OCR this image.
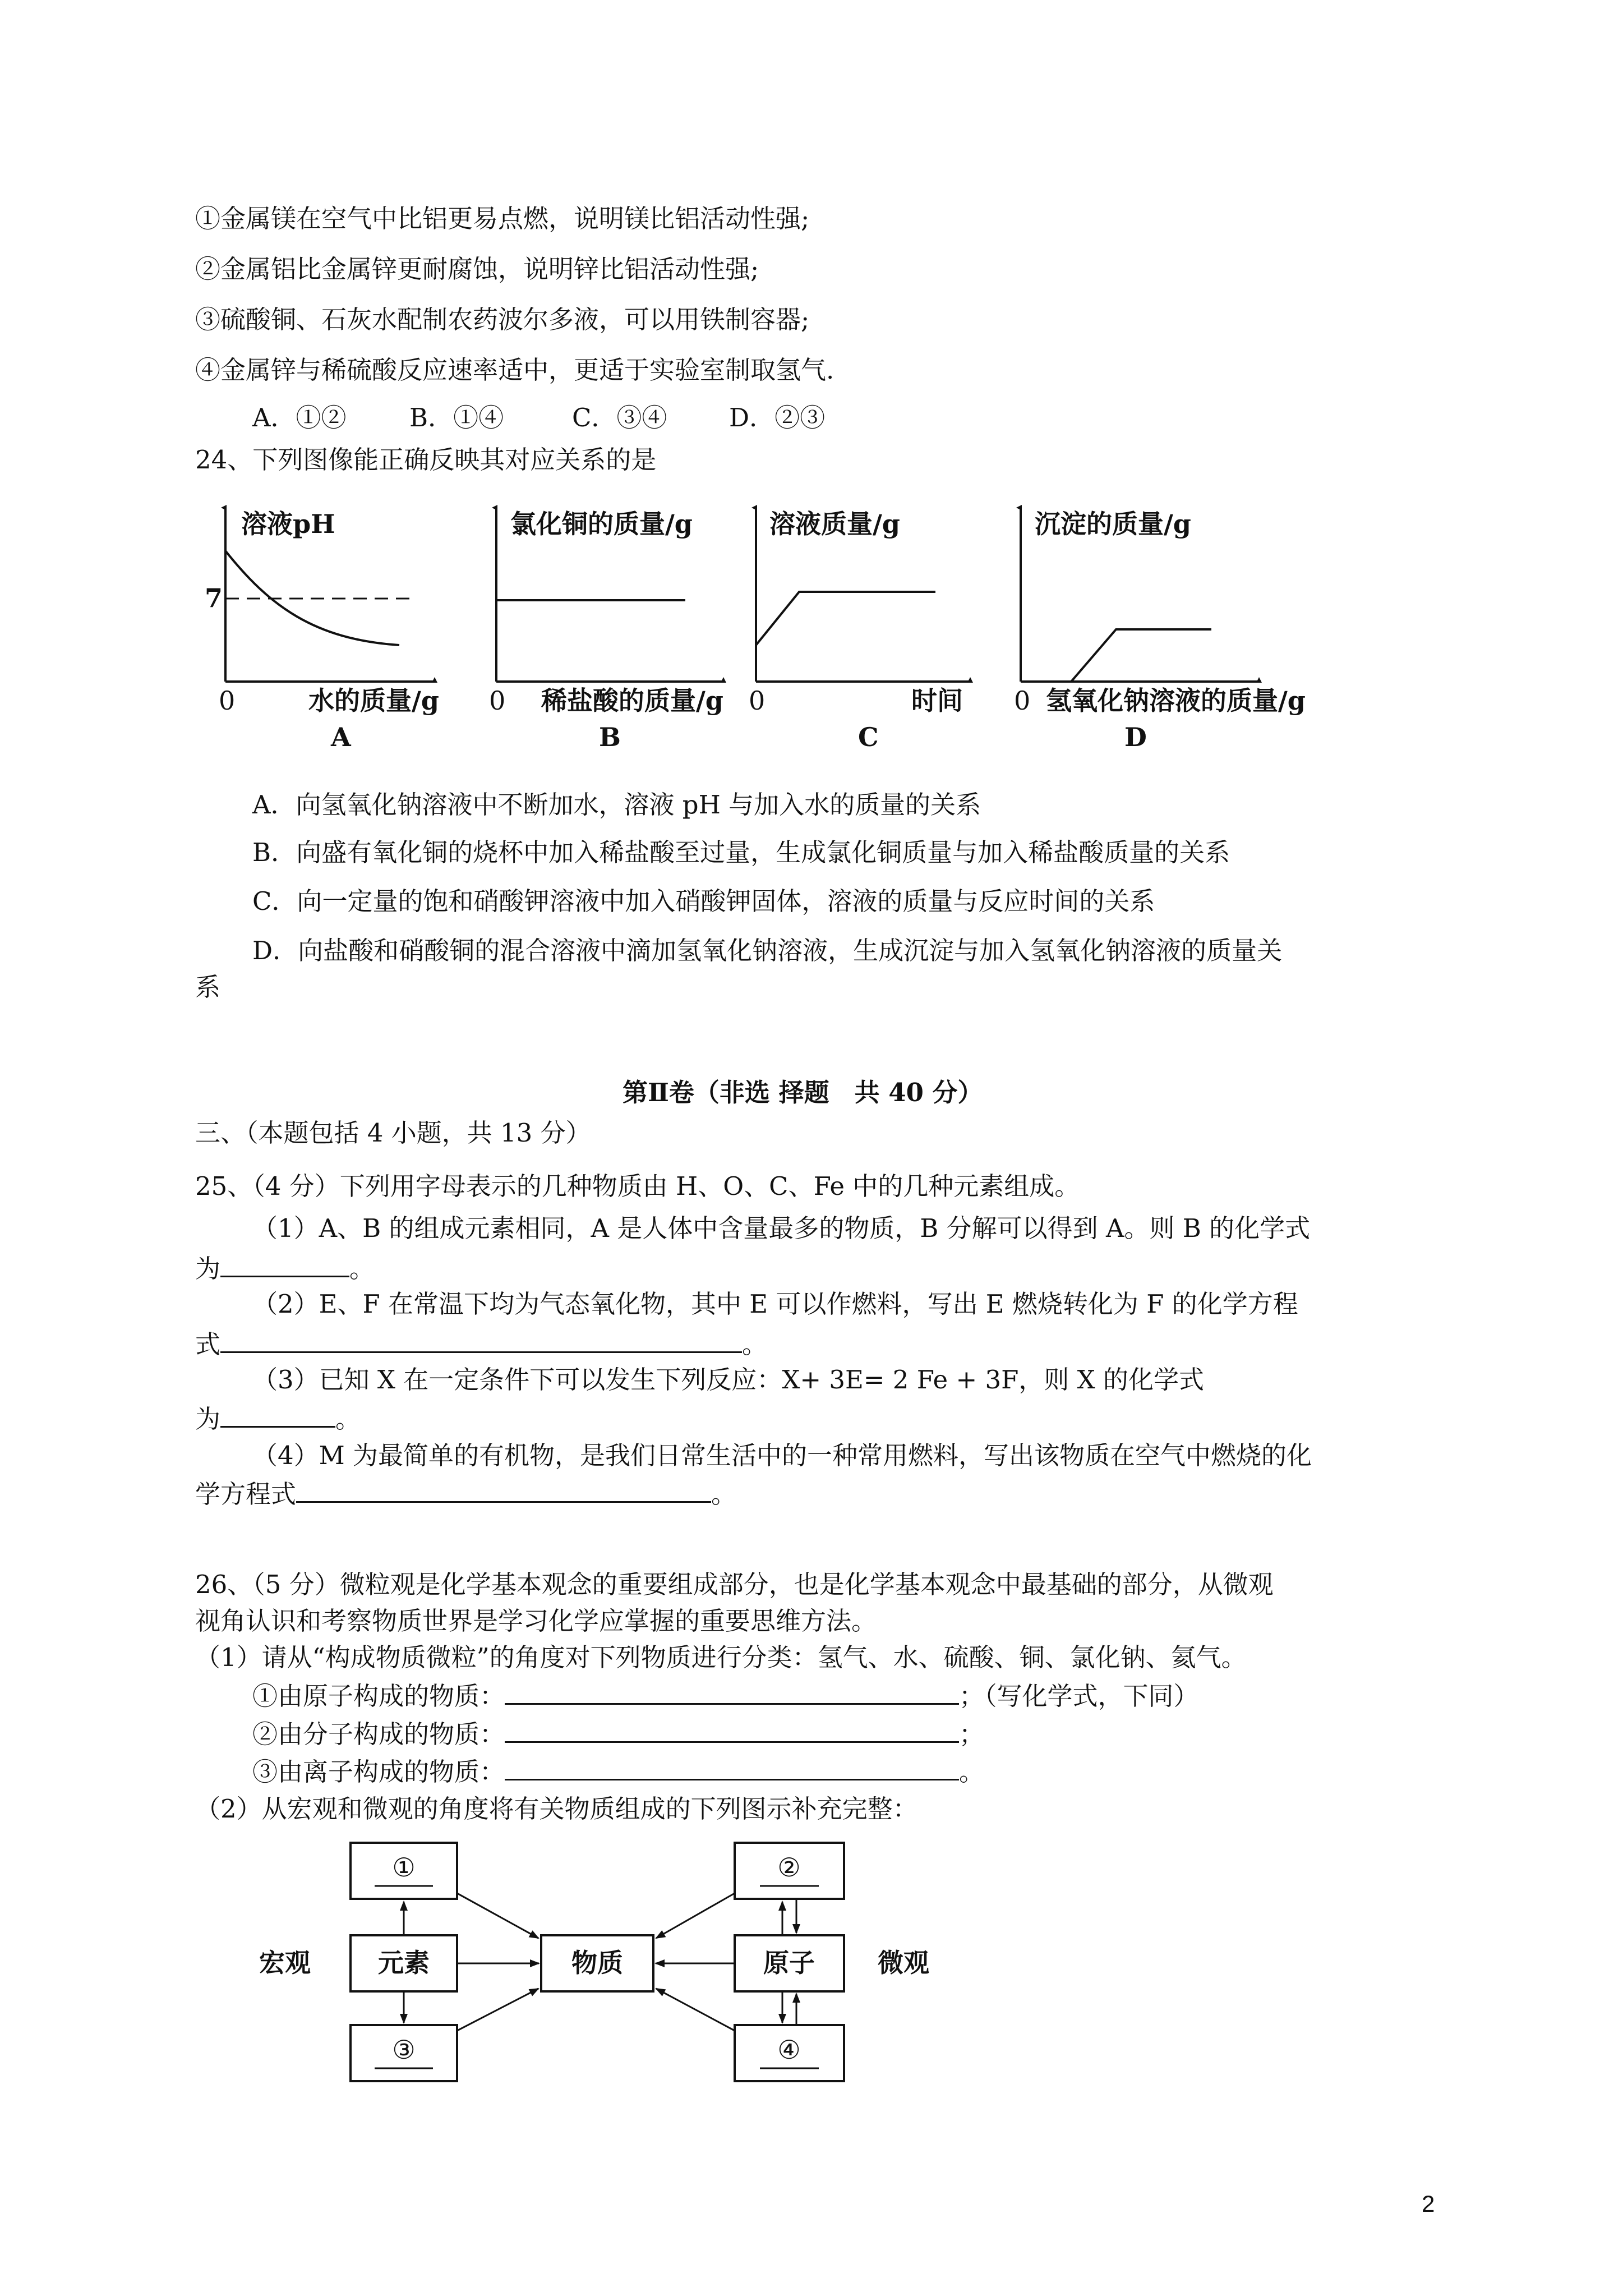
①金属镁在空气中比铝更易点燃，说明镁比铝活动性强;
②金属铝比金属锌更耐腐蚀，说明锌比铝活动性强;
③硫酸铜、石灰水配制农药波尔多液，可以用铁制容器;
④金属锌与稀硫酸反应速率适中，更适于实验室制取氢气.
A．①②	B．①④	C．③④ D．②③
24、下列图像能正确反映其对应关系的是
溶液pH
7
0	水的质量/g
A
氯化铜的质量/g
0 稀盐酸的质量/g
B
溶液质量/g
0	时间
C
沉淀的质量/g
0 氢氧化钠溶液的质量/g
D
A．向氢氧化钠溶液中不断加水，溶液 pH 与加入水的质量的关系
B．向盛有氧化铜的烧杯中加入稀盐酸至过量，生成氯化铜质量与加入稀盐酸质量的关系
C．向一定量的饱和硝酸钾溶液中加入硝酸钾固体，溶液的质量与反应时间的关系
D．向盐酸和硝酸铜的混合溶液中滴加氢氧化钠溶液，生成沉淀与加入氢氧化钠溶液的质量关
系
第Ⅱ卷（非选 择题　共 40 分）
三、（本题包括 4 小题，共 13 分）
25、（4 分）下列用字母表示的几种物质由 H、O、C、Fe 中的几种元素组成。
（1）A、B 的组成元素相同，A 是人体中含量最多的物质，B 分解可以得到 A。则 B 的化学式
为	。
（2）E、F 在常温下均为气态氧化物，其中 E 可以作燃料，写出 E 燃烧转化为 F 的化学方程
式	。
（3）已知 X 在一定条件下可以发生下列反应：X+ 3E= 2 Fe + 3F，则 X 的化学式
为	。
（4）M 为最简单的有机物，是我们日常生活中的一种常用燃料，写出该物质在空气中燃烧的化
学方程式	。
26、（5 分）微粒观是化学基本观念的重要组成部分，也是化学基本观念中最基础的部分，从微观
视角认识和考察物质世界是学习化学应掌握的重要思维方法。
（1）请从“构成物质微粒”的角度对下列物质进行分类：氢气、水、硫酸、铜、氯化钠、氦气。
①由原子构成的物质：	；（写化学式，下同）
②由分子构成的物质：	；
③由离子构成的物质：	。
（2）从宏观和微观的角度将有关物质组成的下列图示补充完整：
①
元素
③
物质
②
原子
④
宏观	微观
2
